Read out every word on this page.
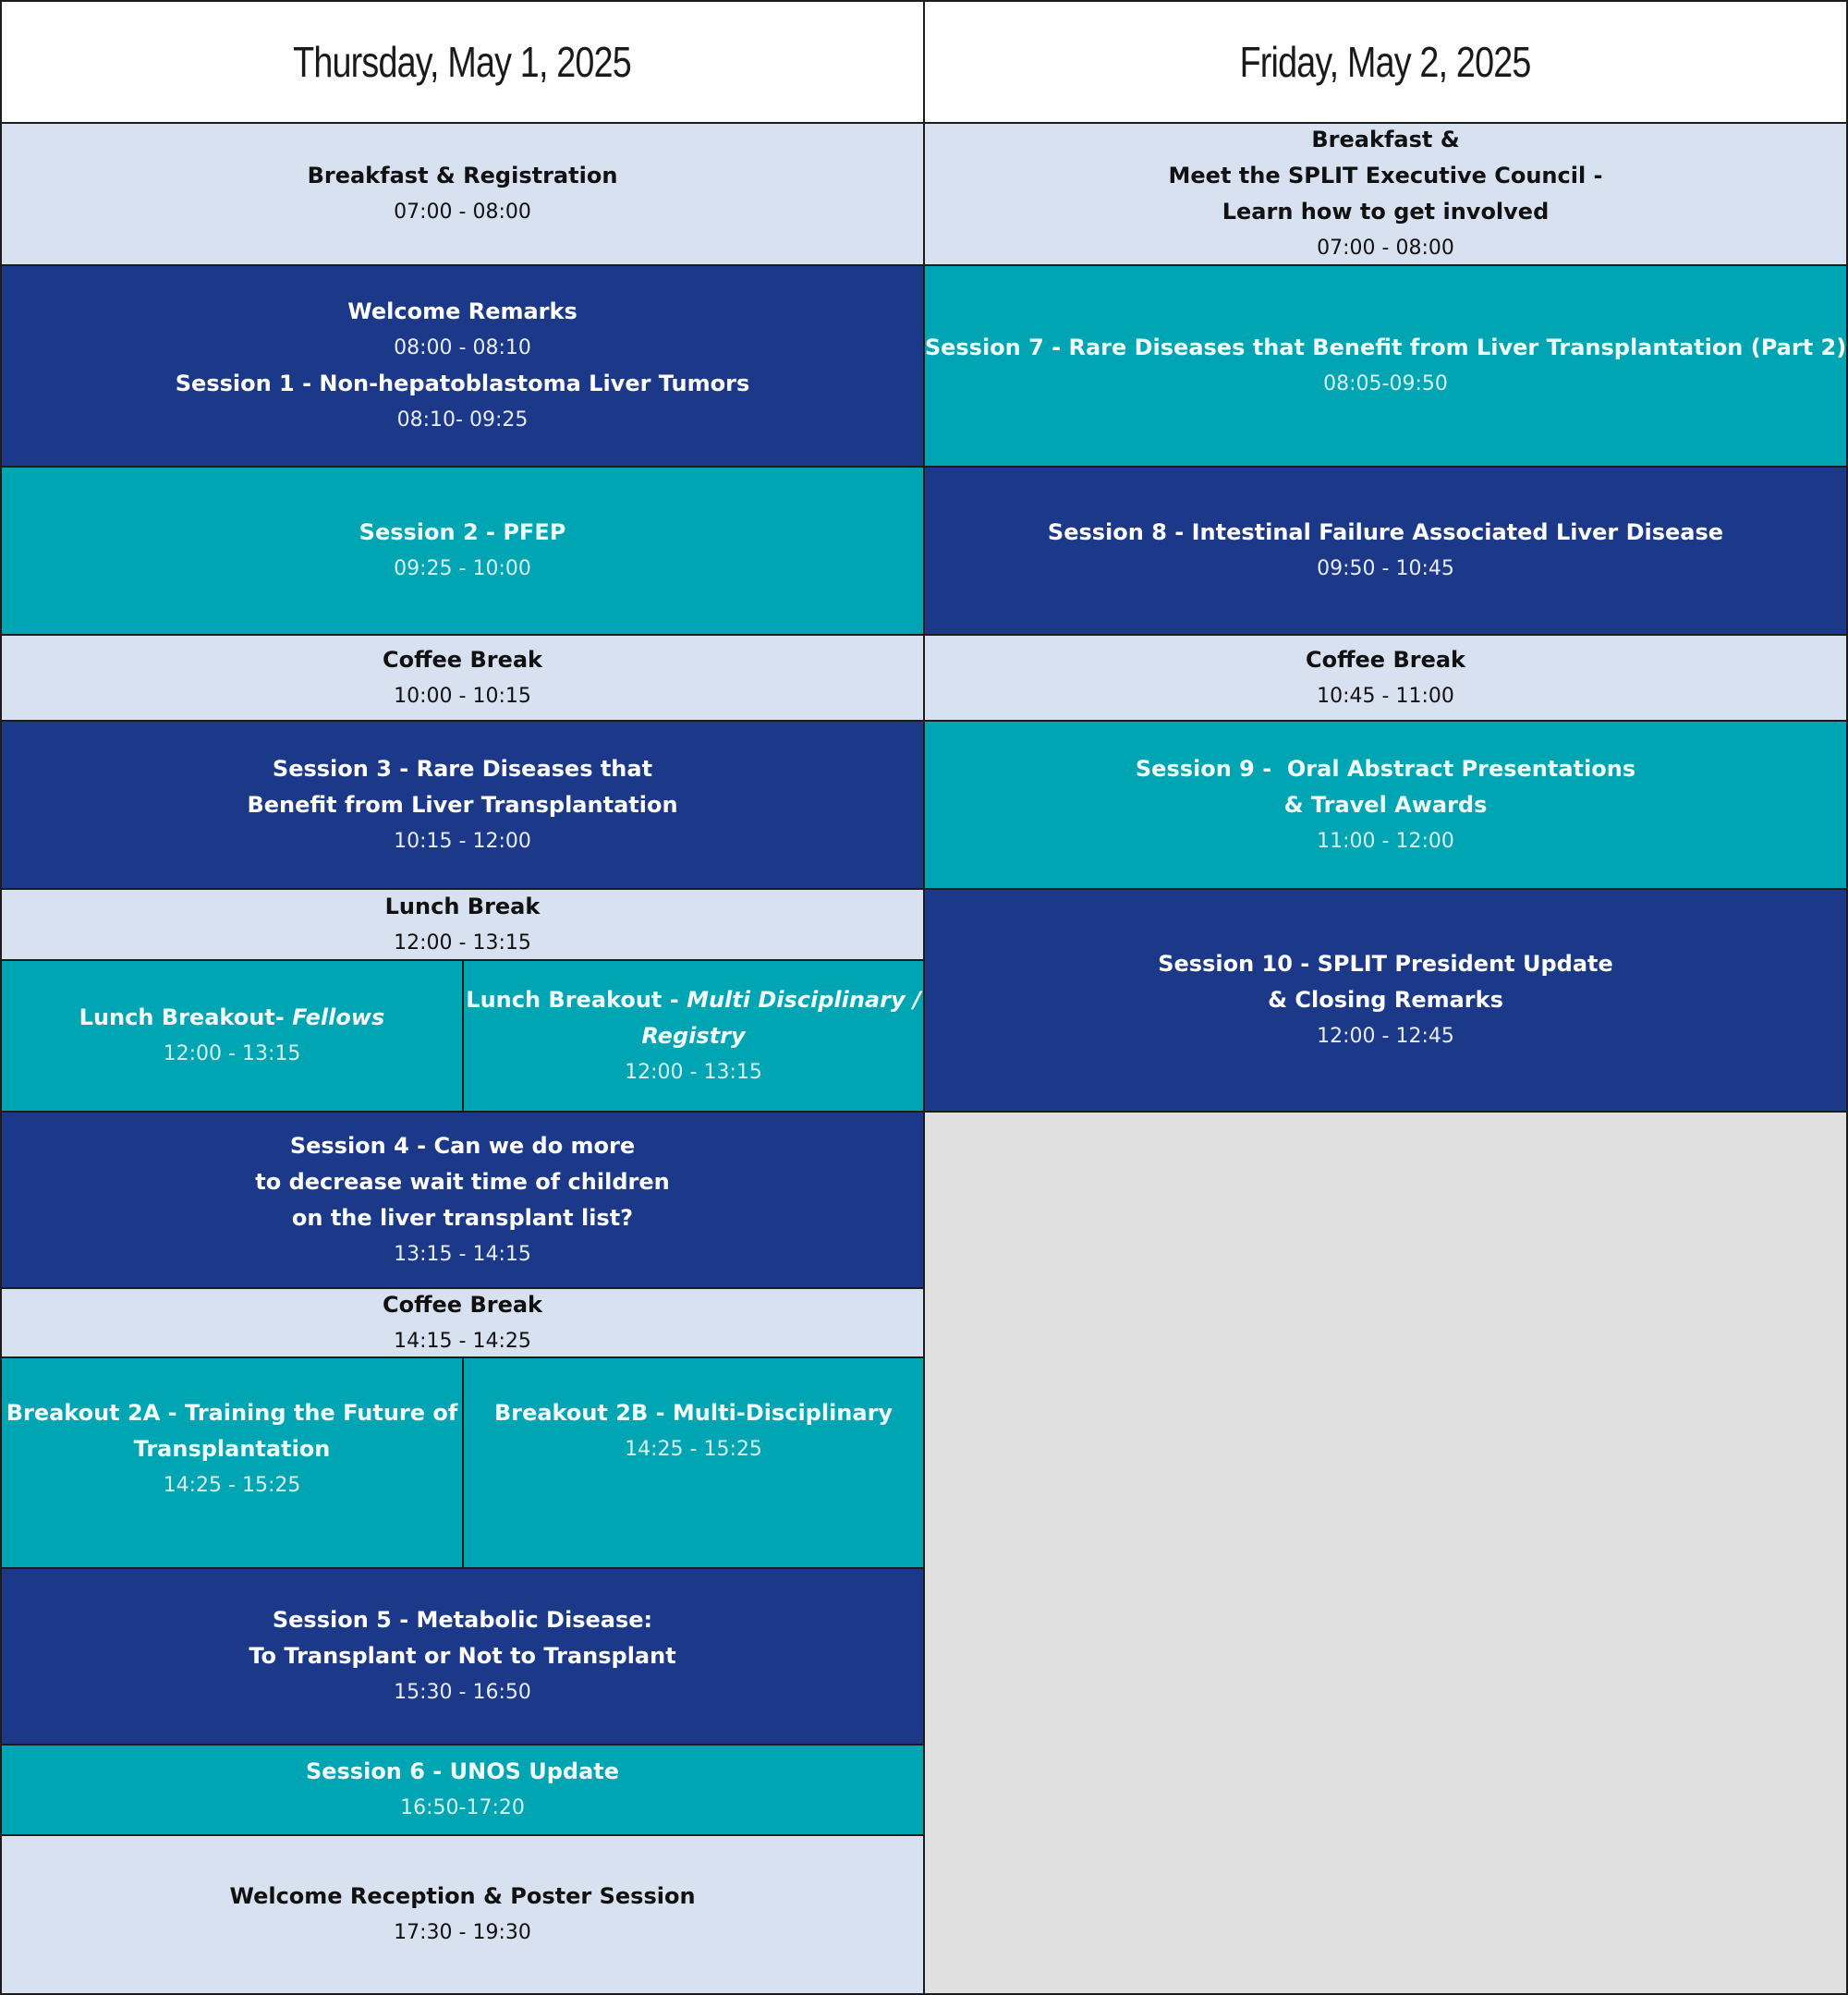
Thursday, May 1, 2025	Friday, May 2, 2025
Breakfast & Registration
07:00 - 08:00
Welcome Remarks
08:00 - 08:10
Session 1 - Non-hepatoblastoma Liver Tumors
08:10- 09:25
Session 2 - PFEP
09:25 - 10:00
Coffee Break
10:00 - 10:15
Session 3 - Rare Diseases that
Benefit from Liver Transplantation
10:15 - 12:00
Lunch Break
12:00 - 13:15
Lunch Breakout- Fellows
12:00 - 13:15
Lunch Breakout - Multi Disciplinary /
Registry
12:00 - 13:15
Session 4 - Can we do more
to decrease wait time of children
on the liver transplant list?
13:15 - 14:15
Coffee Break
14:15 - 14:25
Breakout 2A - Training the Future of
Transplantation
14:25 - 15:25
Breakout 2B - Multi-Disciplinary
14:25 - 15:25
Session 5 - Metabolic Disease:
To Transplant or Not to Transplant
15:30 - 16:50
Session 6 - UNOS Update
16:50-17:20
Welcome Reception & Poster Session
17:30 - 19:30
Breakfast &
Meet the SPLIT Executive Council -
Learn how to get involved
07:00 - 08:00
Session 7 - Rare Diseases that Benefit from Liver Transplantation (Part 2)
08:05-09:50
Session 8 - Intestinal Failure Associated Liver Disease
09:50 - 10:45
Coffee Break
10:45 - 11:00
Session 9 -  Oral Abstract Presentations
& Travel Awards
11:00 - 12:00
Session 10 - SPLIT President Update
& Closing Remarks
12:00 - 12:45
